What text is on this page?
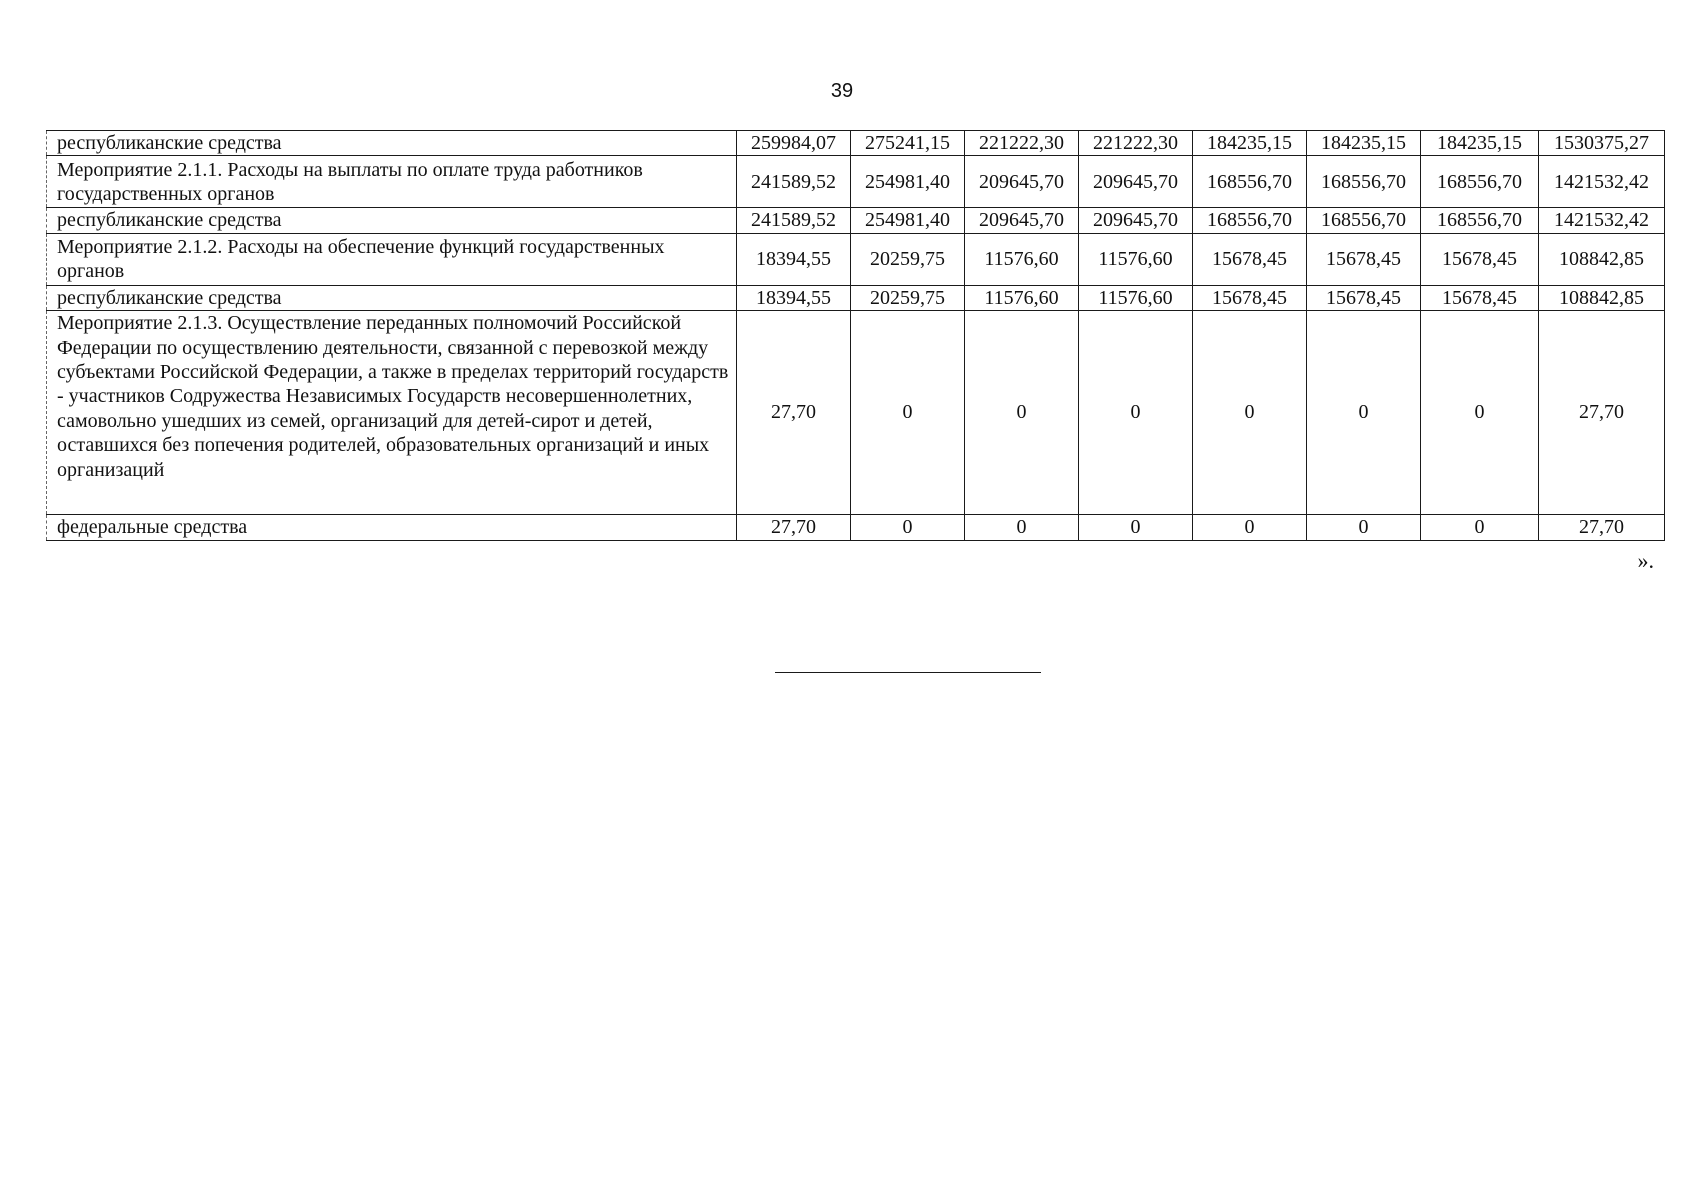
39
республиканские средства	259984,07	275241,15	221222,30	221222,30	184235,15	184235,15	184235,15	1530375,27
Мероприятие 2.1.1. Расходы на выплаты по оплате труда работников государственных органов	241589,52	254981,40	209645,70	209645,70	168556,70	168556,70	168556,70	1421532,42
республиканские средства	241589,52	254981,40	209645,70	209645,70	168556,70	168556,70	168556,70	1421532,42
Мероприятие 2.1.2. Расходы на обеспечение функций государственных органов	18394,55	20259,75	11576,60	11576,60	15678,45	15678,45	15678,45	108842,85
республиканские средства	18394,55	20259,75	11576,60	11576,60	15678,45	15678,45	15678,45	108842,85
Мероприятие 2.1.3. Осуществление переданных полномочий Российской Федерации по осуществлению деятельности, связанной с перевозкой между субъектами Российской Федерации, а также в пределах территорий государств - участников Содружества Независимых Государств несовершеннолетних, самовольно ушедших из семей, организаций для детей-сирот и детей, оставшихся без попечения родителей, образовательных организаций и иных организаций	27,70	0	0	0	0	0	0	27,70
федеральные средства	27,70	0	0	0	0	0	0	27,70
».
